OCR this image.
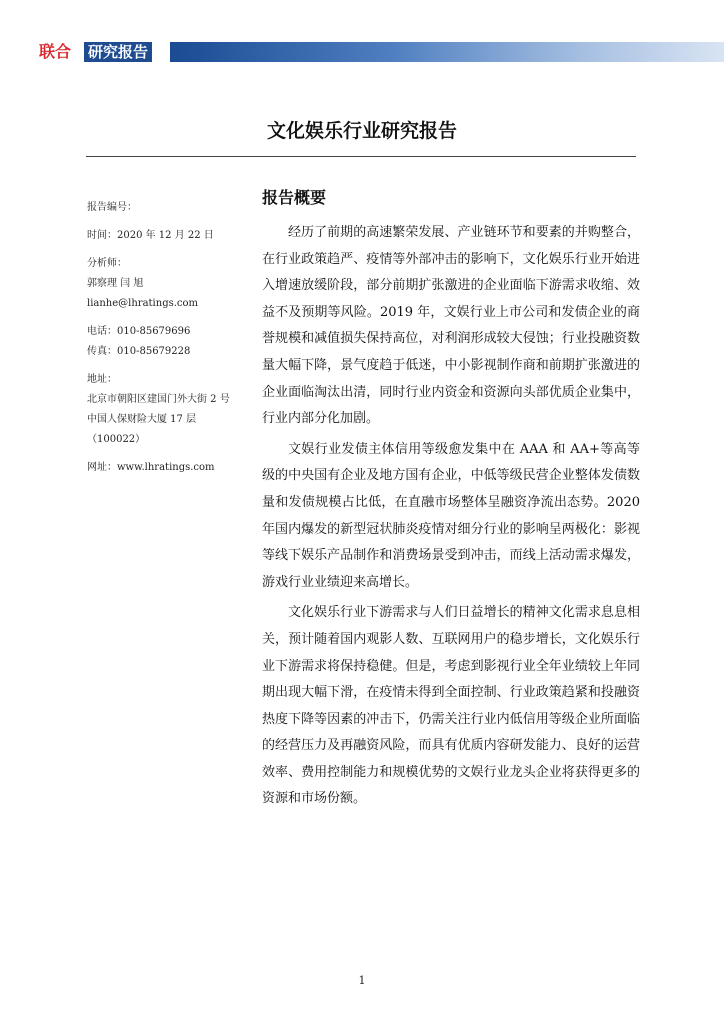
联合 研究报告
文化娱乐行业研究报告
报告编号：
时间：2020 年 12 月 22 日
分析师：
郭察理 闫 旭
lianhe@lhratings.com
电话：010-85679696
传真：010-85679228
地址：
北京市朝阳区建国门外大街 2 号
中国人保财险大厦 17 层
（100022）
网址：www.lhratings.com
报告概要

经历了前期的高速繁荣发展、产业链环节和要素的并购整合，在行业政策趋严、疫情等外部冲击的影响下，文化娱乐行业开始进入增速放缓阶段，部分前期扩张激进的企业面临下游需求收缩、效益不及预期等风险。2019 年，文娱行业上市公司和发债企业的商誉规模和减值损失保持高位，对利润形成较大侵蚀；行业投融资数量大幅下降，景气度趋于低迷，中小影视制作商和前期扩张激进的企业面临淘汰出清，同时行业内资金和资源向头部优质企业集中，行业内部分化加剧。

文娱行业发债主体信用等级愈发集中在 AAA 和 AA+等高等级的中央国有企业及地方国有企业，中低等级民营企业整体发债数量和发债规模占比低，在直融市场整体呈融资净流出态势。2020 年国内爆发的新型冠状肺炎疫情对细分行业的影响呈两极化：影视等线下娱乐产品制作和消费场景受到冲击，而线上活动需求爆发，游戏行业业绩迎来高增长。

文化娱乐行业下游需求与人们日益增长的精神文化需求息息相关，预计随着国内观影人数、互联网用户的稳步增长，文化娱乐行业下游需求将保持稳健。但是，考虑到影视行业全年业绩较上年同期出现大幅下滑，在疫情未得到全面控制、行业政策趋紧和投融资热度下降等因素的冲击下，仍需关注行业内低信用等级企业所面临的经营压力及再融资风险，而具有优质内容研发能力、良好的运营效率、费用控制能力和规模优势的文娱行业龙头企业将获得更多的资源和市场份额。

1
